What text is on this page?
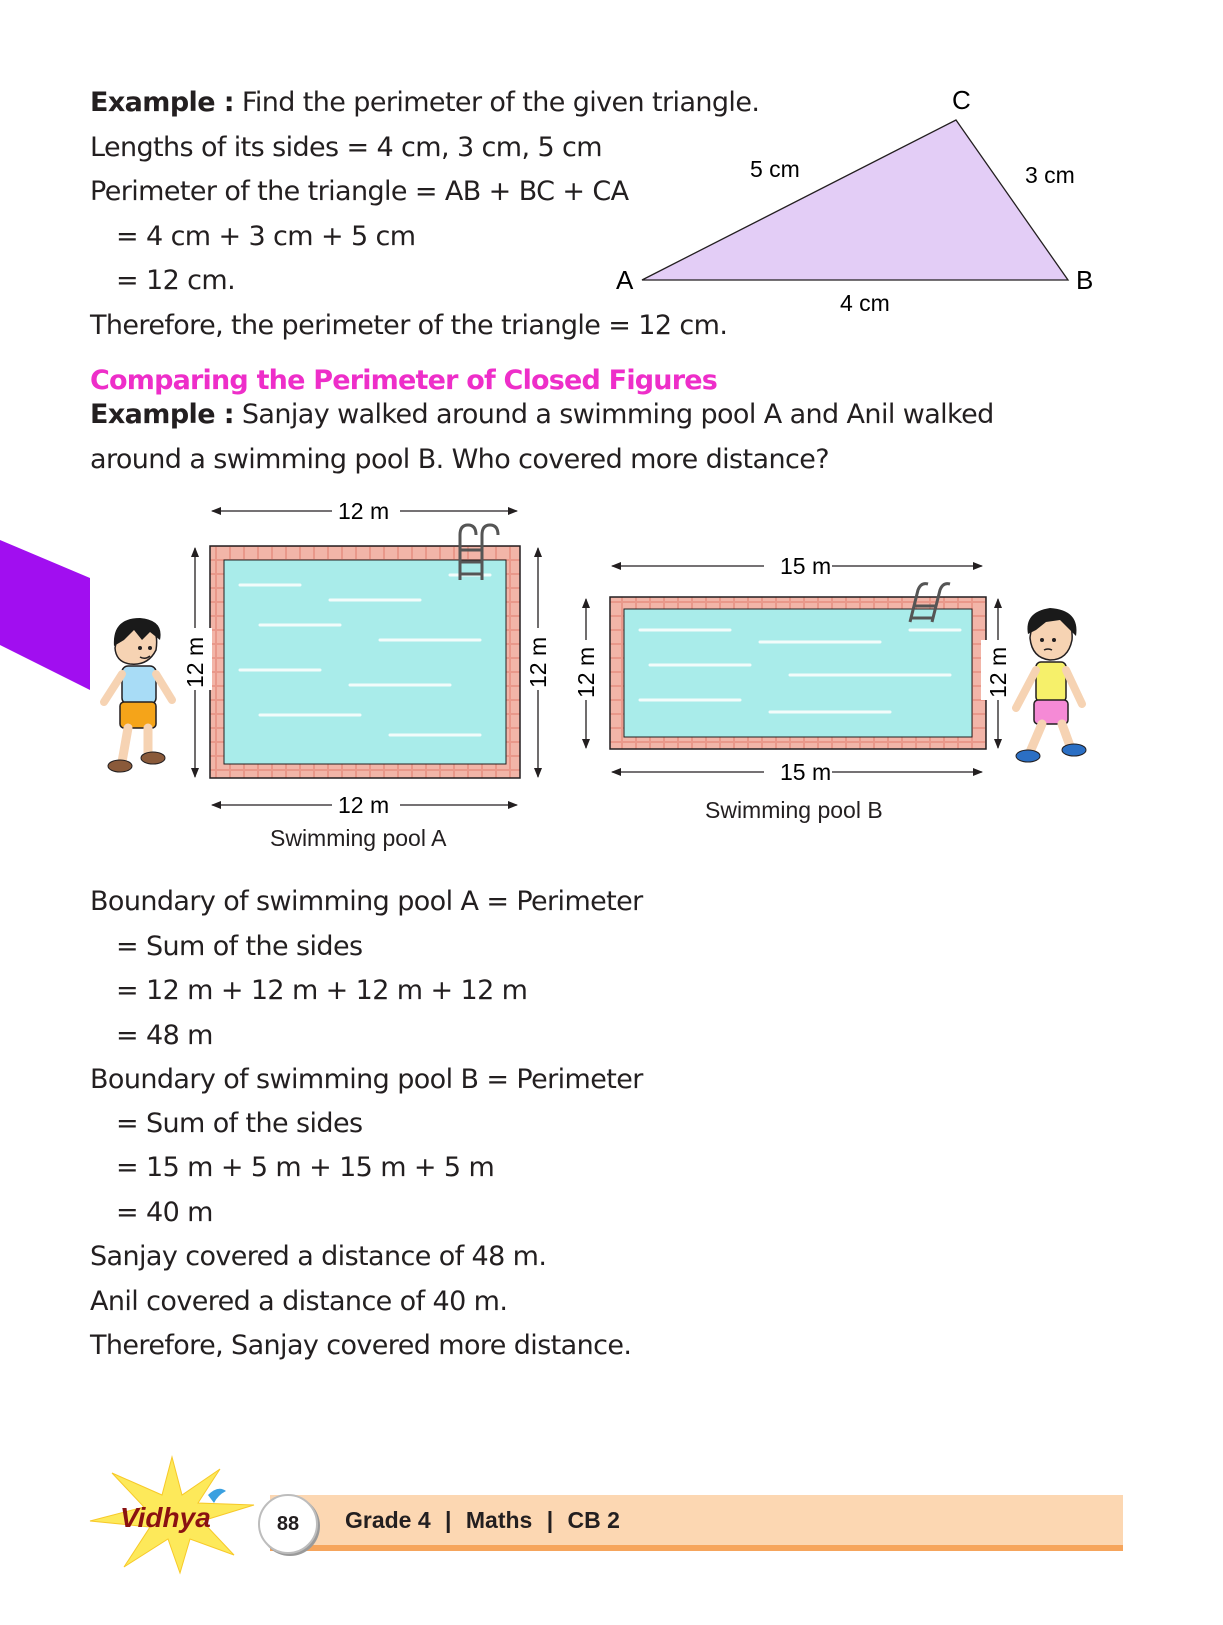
Example : Find the perimeter of the given triangle.
Lengths of its sides = 4 cm, 3 cm, 5 cm
Perimeter of the triangle = AB + BC + CA
= 4 cm + 3 cm + 5 cm
= 12 cm.
Therefore, the perimeter of the triangle = 12 cm.
A	B
C
5 cm	3 cm
4 cm
Comparing the Perimeter of Closed Figures
Example : Sanjay walked around a swimming pool A and Anil walked
around a swimming pool B. Who covered more distance?
12 m
12 m
12 m	12 m
15 m
15 m
12 m	12 m
Swimming pool A
Swimming pool B
Boundary of swimming pool A = Perimeter
= Sum of the sides
= 12 m + 12 m + 12 m + 12 m
= 48 m
Boundary of swimming pool B = Perimeter
= Sum of the sides
= 15 m + 5 m + 15 m + 5 m
= 40 m
Sanjay covered a distance of 48 m.
Anil covered a distance of 40 m.
Therefore, Sanjay covered more distance.
Vidhya	88	Grade 4 | Maths | CB 2
